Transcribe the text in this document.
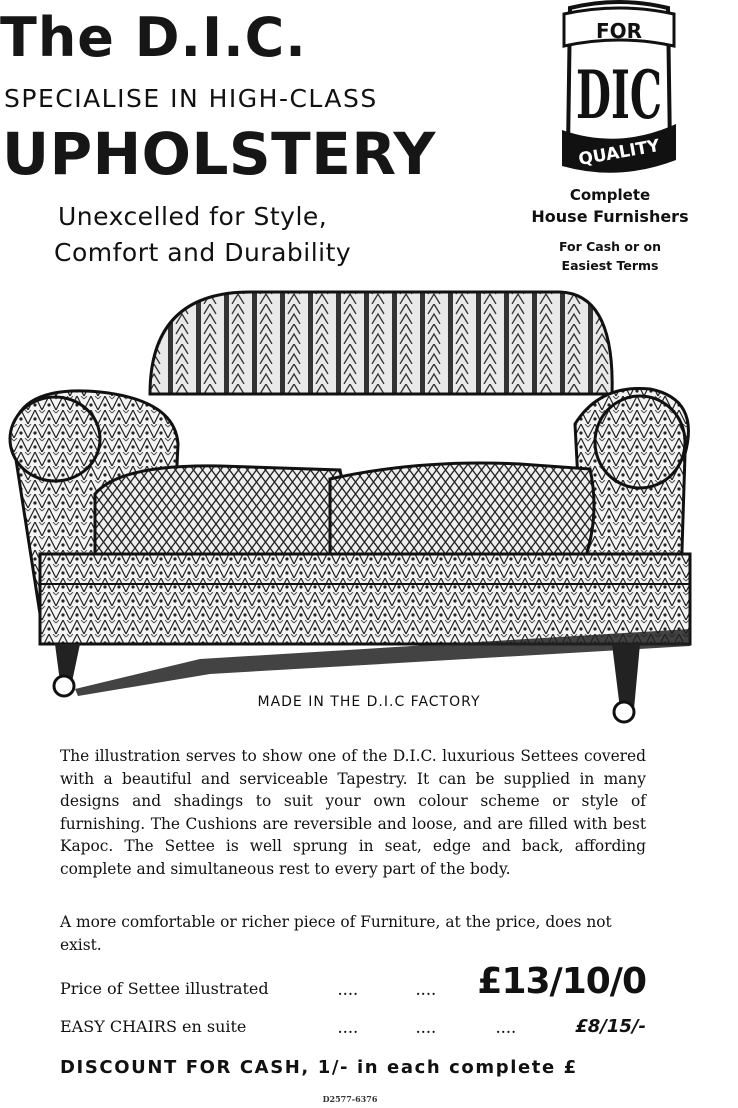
The D.I.C.
SPECIALISE IN HIGH-CLASS
UPHOLSTERY
Unexcelled for Style,
Comfort and Durability
FOR
DIC
QUALITY
Complete
House Furnishers
For Cash or on
Easiest Terms
MADE IN THE D.I.C FACTORY
The illustration serves to show one of the D.I.C. luxurious Settees covered with a beautiful and serviceable Tapestry. It can be supplied in many designs and shadings to suit your own colour scheme or style of furnishing. The Cushions are reversible and loose, and are filled with best Kapoc. The Settee is well sprung in seat, edge and back, affording complete and simultaneous rest to every part of the body.
A more comfortable or richer piece of Furniture, at the price, does not exist.
Price of Settee illustrated	....	.... £13/10/0
EASY CHAIRS en suite	....	....	....	£8/15/-
DISCOUNT FOR CASH, 1/- in each complete £
D2577-6376
